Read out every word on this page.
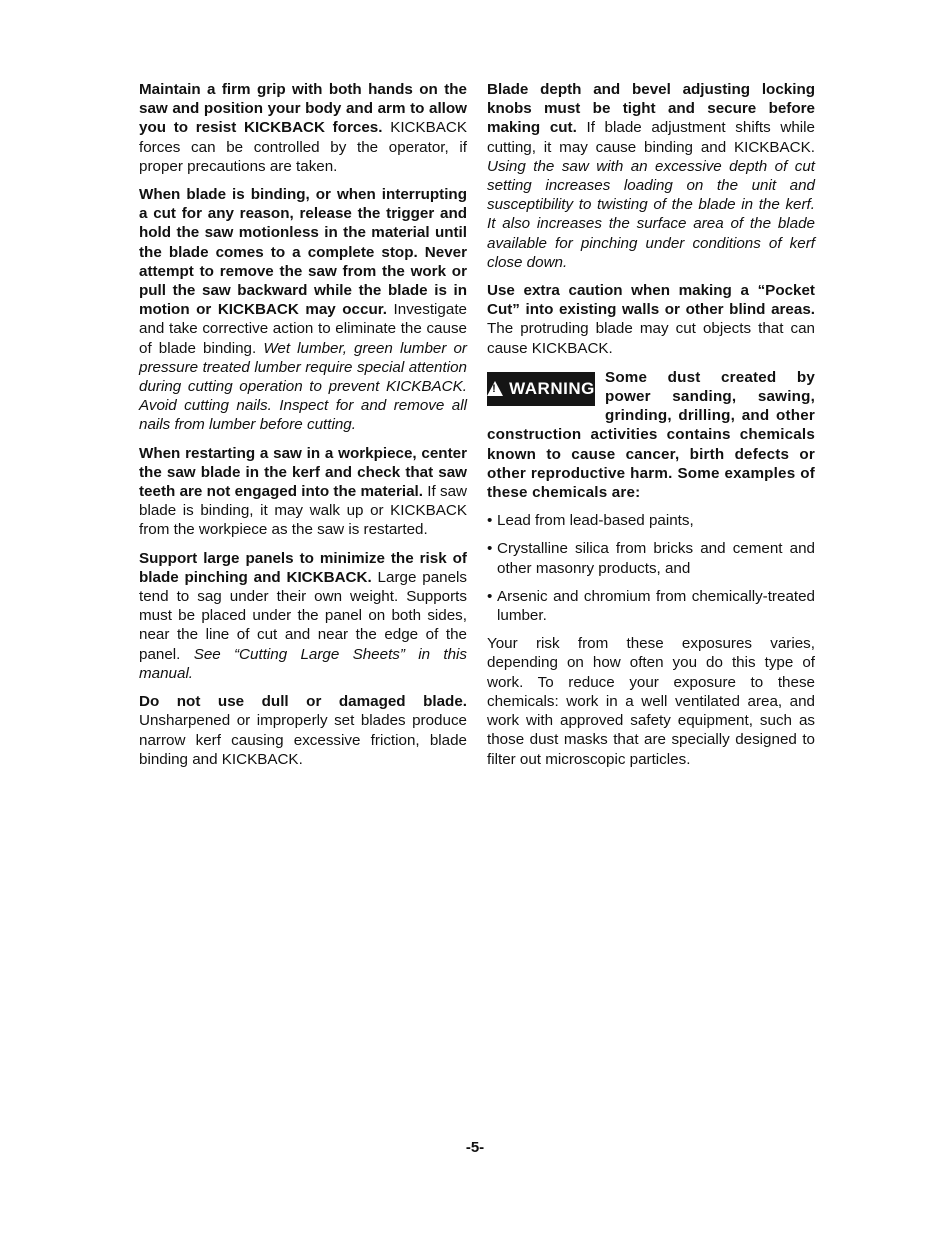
Maintain a firm grip with both hands on the saw and position your body and arm to allow you to resist KICKBACK forces. KICKBACK forces can be controlled by the operator, if proper precautions are taken.

When blade is binding, or when interrupting a cut for any reason, release the trigger and hold the saw motionless in the material until the blade comes to a complete stop. Never attempt to remove the saw from the work or pull the saw backward while the blade is in motion or KICKBACK may occur. Investigate and take corrective action to eliminate the cause of blade binding. Wet lumber, green lumber or pressure treated lumber require special attention during cutting operation to prevent KICKBACK. Avoid cutting nails. Inspect for and remove all nails from lumber before cutting.

When restarting a saw in a workpiece, center the saw blade in the kerf and check that saw teeth are not engaged into the material. If saw blade is binding, it may walk up or KICKBACK from the workpiece as the saw is restarted.

Support large panels to minimize the risk of blade pinching and KICKBACK. Large panels tend to sag under their own weight. Supports must be placed under the panel on both sides, near the line of cut and near the edge of the panel. See “Cutting Large Sheets” in this manual.

Do not use dull or damaged blade. Unsharpened or improperly set blades produce narrow kerf causing excessive friction, blade binding and KICKBACK.

Blade depth and bevel adjusting locking knobs must be tight and secure before making cut. If blade adjustment shifts while cutting, it may cause binding and KICKBACK. Using the saw with an excessive depth of cut setting increases loading on the unit and susceptibility to twisting of the blade in the kerf. It also increases the surface area of the blade available for pinching under conditions of kerf close down.

Use extra caution when making a “Pocket Cut” into existing walls or other blind areas. The protruding blade may cut objects that can cause KICKBACK.

!
WARNING
Some dust created by power sanding, sawing, grinding, drilling, and other construction activities contains chemicals known to cause cancer, birth defects or other reproductive harm. Some examples of these chemicals are:
• Lead from lead-based paints,
• Crystalline silica from bricks and cement and other masonry products, and
• Arsenic and chromium from chemically-treated lumber.

Your risk from these exposures varies, depending on how often you do this type of work. To reduce your exposure to these chemicals: work in a well ventilated area, and work with approved safety equipment, such as those dust masks that are specially designed to filter out microscopic particles.

-5-
